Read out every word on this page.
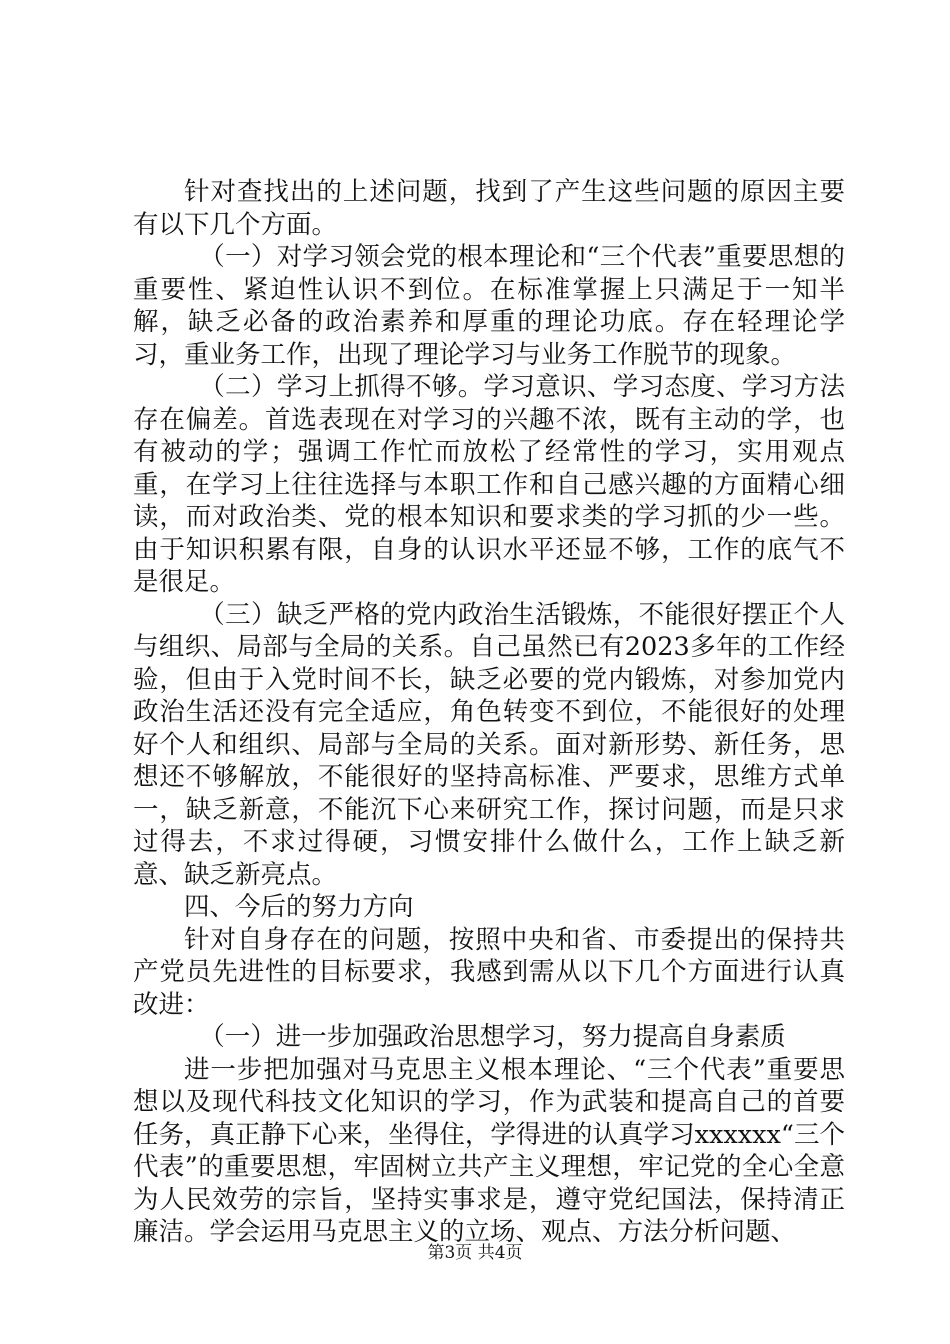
针对查找出的上述问题，找到了产生这些问题的原因主要有以下几个方面。

（一）对学习领会党的根本理论和“三个代表”重要思想的重要性、紧迫性认识不到位。在标准掌握上只满足于一知半解，缺乏必备的政治素养和厚重的理论功底。存在轻理论学习，重业务工作，出现了理论学习与业务工作脱节的现象。

（二）学习上抓得不够。学习意识、学习态度、学习方法存在偏差。首选表现在对学习的兴趣不浓，既有主动的学，也有被动的学；强调工作忙而放松了经常性的学习，实用观点重，在学习上往往选择与本职工作和自己感兴趣的方面精心细读，而对政治类、党的根本知识和要求类的学习抓的少一些。由于知识积累有限，自身的认识水平还显不够，工作的底气不是很足。

（三）缺乏严格的党内政治生活锻炼，不能很好摆正个人与组织、局部与全局的关系。自己虽然已有2023多年的工作经验，但由于入党时间不长，缺乏必要的党内锻炼，对参加党内政治生活还没有完全适应，角色转变不到位，不能很好的处理好个人和组织、局部与全局的关系。面对新形势、新任务，思想还不够解放，不能很好的坚持高标准、严要求，思维方式单一，缺乏新意，不能沉下心来研究工作，探讨问题，而是只求过得去，不求过得硬，习惯安排什么做什么，工作上缺乏新意、缺乏新亮点。

四、今后的努力方向

针对自身存在的问题，按照中央和省、市委提出的保持共产党员先进性的目标要求，我感到需从以下几个方面进行认真改进：

（一）进一步加强政治思想学习，努力提高自身素质

进一步把加强对马克思主义根本理论、“三个代表”重要思想以及现代科技文化知识的学习，作为武装和提高自己的首要任务，真正静下心来，坐得住，学得进的认真学习xxxxxx“三个代表”的重要思想，牢固树立共产主义理想，牢记党的全心全意为人民效劳的宗旨，坚持实事求是，遵守党纪国法，保持清正廉洁。学会运用马克思主义的立场、观点、方法分析问题、

第3页 共4页
